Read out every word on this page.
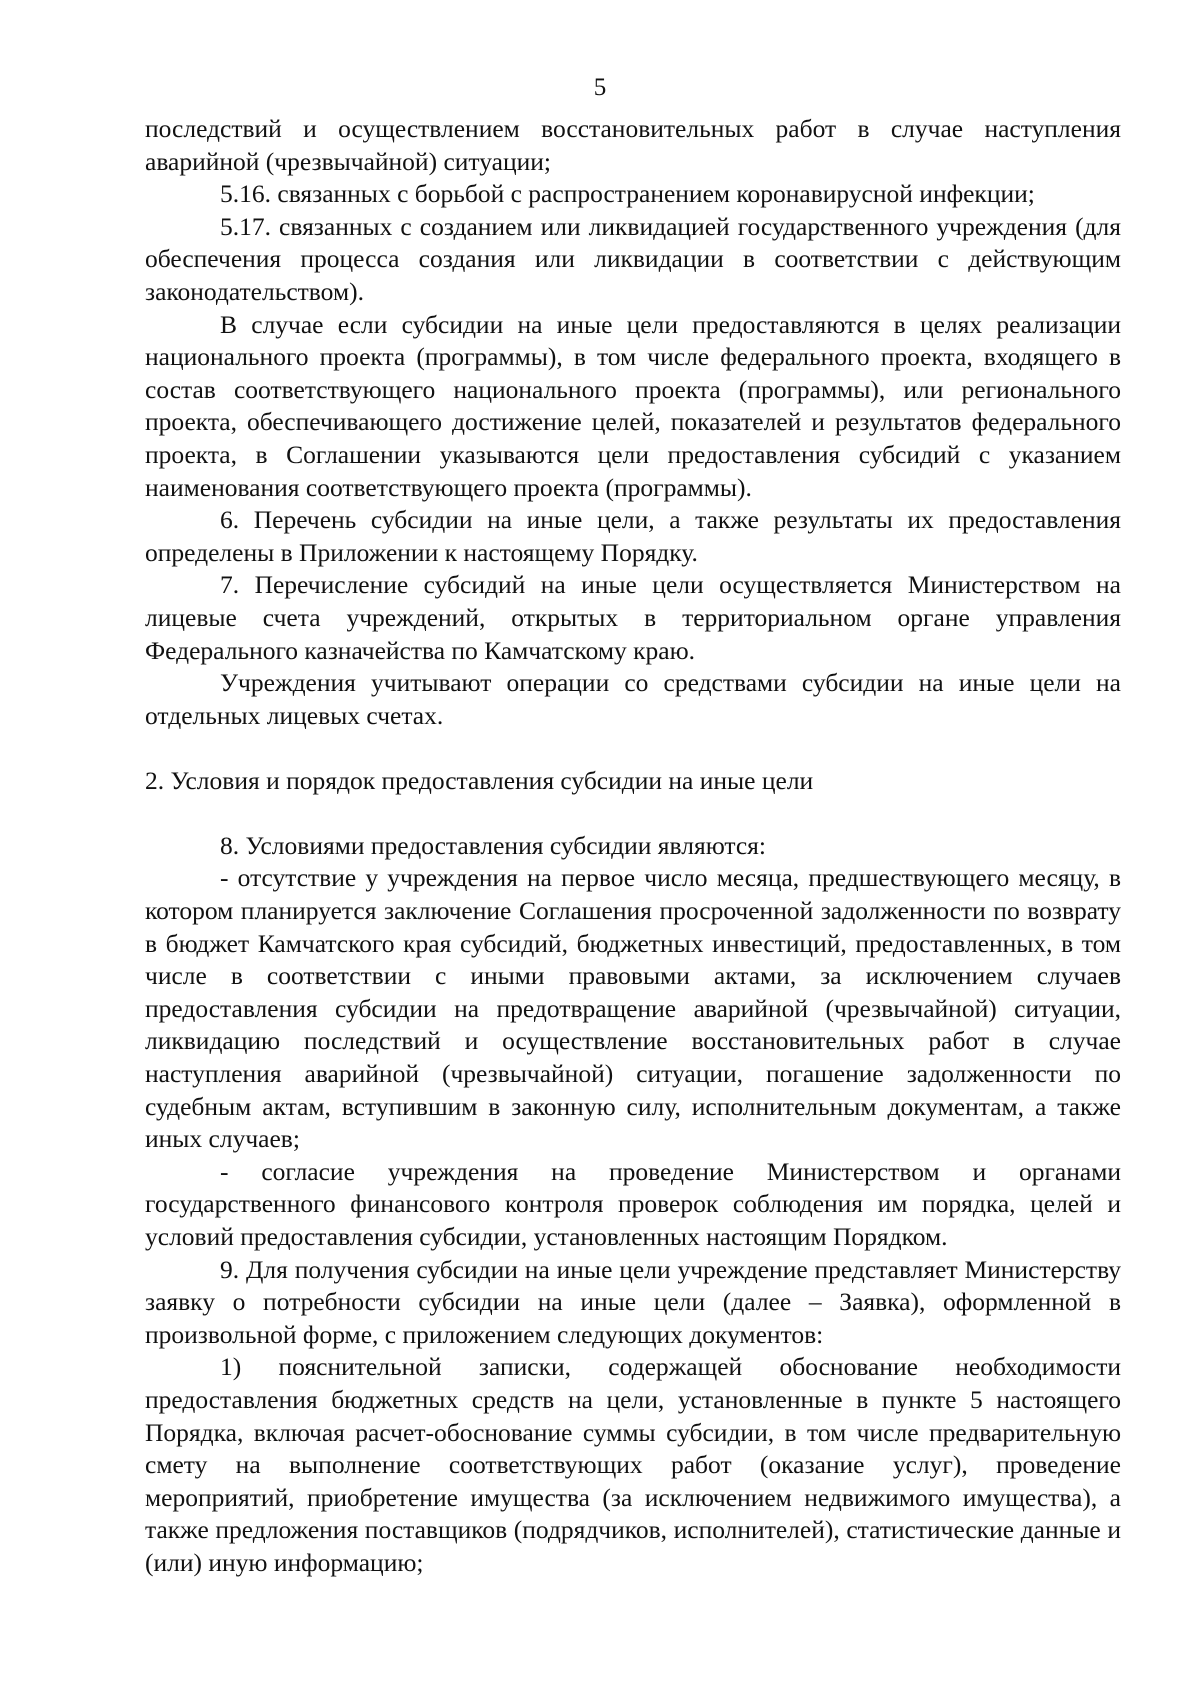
5

последствий и осуществлением восстановительных работ в случае наступления аварийной (чрезвычайной) ситуации;

5.16. связанных с борьбой с распространением коронавирусной инфекции;

5.17. связанных с созданием или ликвидацией государственного учреждения (для обеспечения процесса создания или ликвидации в соответствии с действующим законодательством).

В случае если субсидии на иные цели предоставляются в целях реализации национального проекта (программы), в том числе федерального проекта, входящего в состав соответствующего национального проекта (программы), или регионального проекта, обеспечивающего достижение целей, показателей и результатов федерального проекта, в Соглашении указываются цели предоставления субсидий с указанием наименования соответствующего проекта (программы).

6. Перечень субсидии на иные цели, а также результаты их предоставления определены в Приложении к настоящему Порядку.

7. Перечисление субсидий на иные цели осуществляется Министерством на лицевые счета учреждений, открытых в территориальном органе управления Федерального казначейства по Камчатскому краю.

Учреждения учитывают операции со средствами субсидии на иные цели на отдельных лицевых счетах.

2. Условия и порядок предоставления субсидии на иные цели

8. Условиями предоставления субсидии являются:

- отсутствие у учреждения на первое число месяца, предшествующего месяцу, в котором планируется заключение Соглашения просроченной задолженности по возврату в бюджет Камчатского края субсидий, бюджетных инвестиций, предоставленных, в том числе в соответствии с иными правовыми актами, за исключением случаев предоставления субсидии на предотвращение аварийной (чрезвычайной) ситуации, ликвидацию последствий и осуществление восстановительных работ в случае наступления аварийной (чрезвычайной) ситуации, погашение задолженности по судебным актам, вступившим в законную силу, исполнительным документам, а также иных случаев;

- согласие учреждения на проведение Министерством и органами государственного финансового контроля проверок соблюдения им порядка, целей и условий предоставления субсидии, установленных настоящим Порядком.

9. Для получения субсидии на иные цели учреждение представляет Министерству заявку о потребности субсидии на иные цели (далее – Заявка), оформленной в произвольной форме, с приложением следующих документов:

1) пояснительной записки, содержащей обоснование необходимости предоставления бюджетных средств на цели, установленные в пункте 5 настоящего Порядка, включая расчет-обоснование суммы субсидии, в том числе предварительную смету на выполнение соответствующих работ (оказание услуг), проведение мероприятий, приобретение имущества (за исключением недвижимого имущества), а также предложения поставщиков (подрядчиков, исполнителей), статистические данные и (или) иную информацию;
